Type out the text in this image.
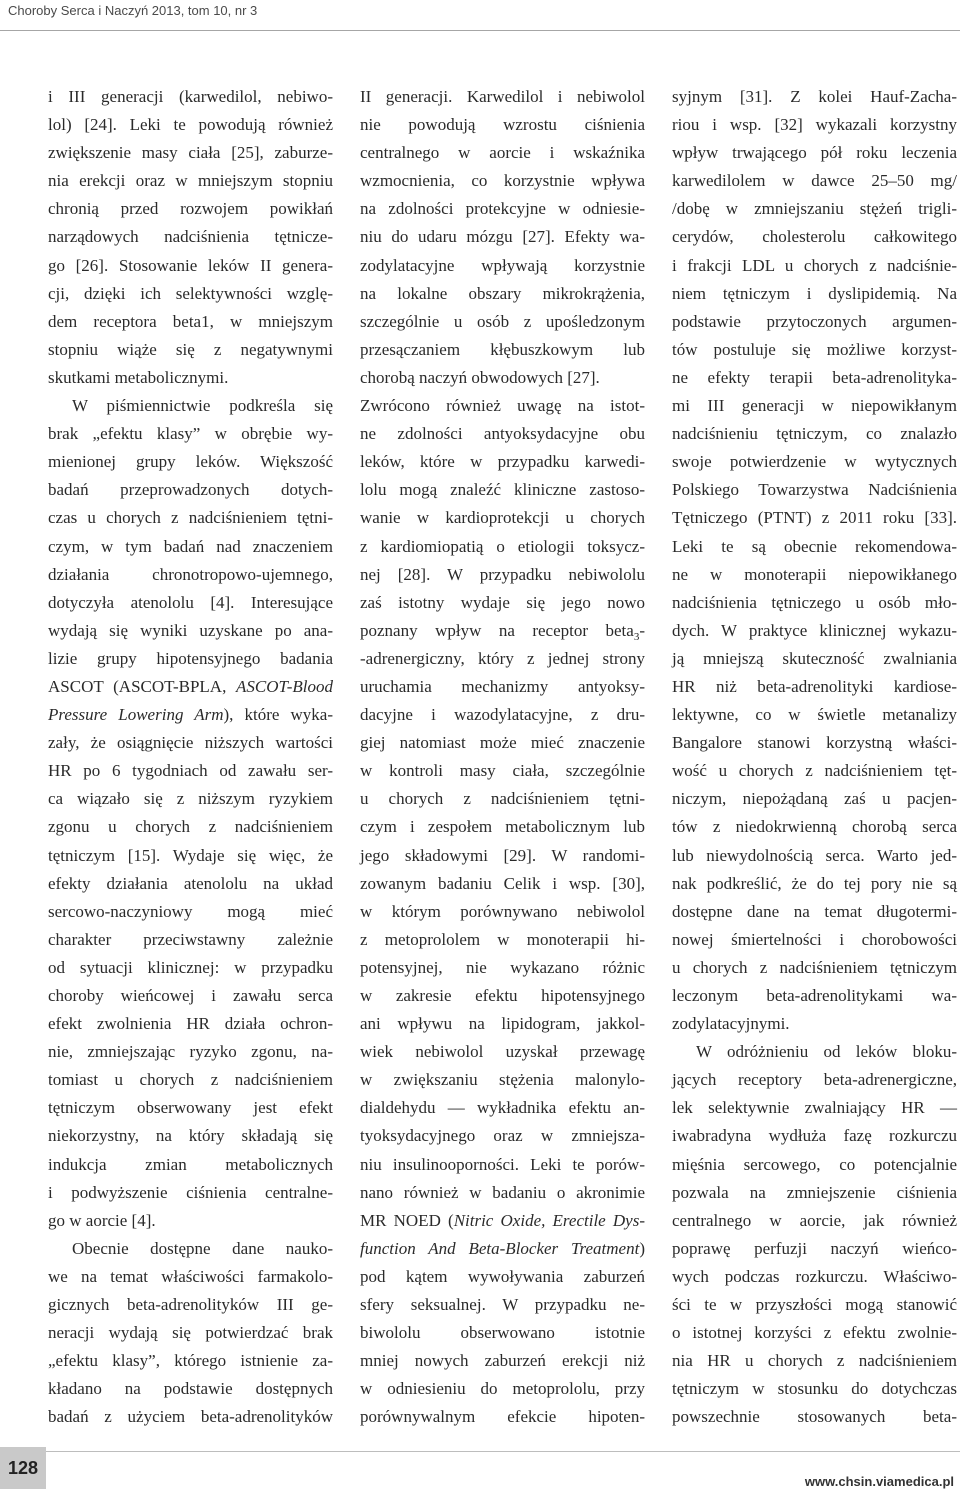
Choroby Serca i Naczyń 2013, tom 10, nr 3
i III generacji (karwedilol, nebiwo-
lol) [24]. Leki te powodują również
zwiększenie masy ciała [25], zaburze-
nia erekcji oraz w mniejszym stopniu
chronią przed rozwojem powikłań
narządowych nadciśnienia tętnicze-
go [26]. Stosowanie leków II genera-
cji, dzięki ich selektywności wzglę-
dem receptora beta1, w mniejszym
stopniu wiąże się z negatywnymi
skutkami metabolicznymi.
W piśmiennictwie podkreśla się
brak „efektu klasy” w obrębie wy-
mienionej grupy leków. Większość
badań przeprowadzonych dotych-
czas u chorych z nadciśnieniem tętni-
czym, w tym badań nad znaczeniem
działania chronotropowo-ujemnego,
dotyczyła atenololu [4]. Interesujące
wydają się wyniki uzyskane po ana-
lizie grupy hipotensyjnego badania
ASCOT (ASCOT-BPLA, ASCOT-Blood
Pressure Lowering Arm), które wyka-
zały, że osiągnięcie niższych wartości
HR po 6 tygodniach od zawału ser-
ca wiązało się z niższym ryzykiem
zgonu u chorych z nadciśnieniem
tętniczym [15]. Wydaje się więc, że
efekty działania atenololu na układ
sercowo-naczyniowy mogą mieć
charakter przeciwstawny zależnie
od sytuacji klinicznej: w przypadku
choroby wieńcowej i zawału serca
efekt zwolnienia HR działa ochron-
nie, zmniejszając ryzyko zgonu, na-
tomiast u chorych z nadciśnieniem
tętniczym obserwowany jest efekt
niekorzystny, na który składają się
indukcja zmian metabolicznych
i podwyższenie ciśnienia centralne-
go w aorcie [4].
Obecnie dostępne dane nauko-
we na temat właściwości farmakolo-
gicznych beta-adrenolityków III ge-
neracji wydają się potwierdzać brak
„efektu klasy”, którego istnienie za-
kładano na podstawie dostępnych
badań z użyciem beta-adrenolityków
II generacji. Karwedilol i nebiwolol
nie powodują wzrostu ciśnienia
centralnego w aorcie i wskaźnika
wzmocnienia, co korzystnie wpływa
na zdolności protekcyjne w odniesie-
niu do udaru mózgu [27]. Efekty wa-
zodylatacyjne wpływają korzystnie
na lokalne obszary mikrokrążenia,
szczególnie u osób z upośledzonym
przesączaniem kłębuszkowym lub
chorobą naczyń obwodowych [27].
Zwrócono również uwagę na istot-
ne zdolności antyoksydacyjne obu
leków, które w przypadku karwedi-
lolu mogą znaleźć kliniczne zastoso-
wanie w kardioprotekcji u chorych
z kardiomiopatią o etiologii toksycz-
nej [28]. W przypadku nebiwololu
zaś istotny wydaje się jego nowo
poznany wpływ na receptor beta$_3$-
-adrenergiczny, który z jednej strony
uruchamia mechanizmy antyoksy-
dacyjne i wazodylatacyjne, z dru-
giej natomiast może mieć znaczenie
w kontroli masy ciała, szczególnie
u chorych z nadciśnieniem tętni-
czym i zespołem metabolicznym lub
jego składowymi [29]. W randomi-
zowanym badaniu Celik i wsp. [30],
w którym porównywano nebiwolol
z metoprololem w monoterapii hi-
potensyjnej, nie wykazano różnic
w zakresie efektu hipotensyjnego
ani wpływu na lipidogram, jakkol-
wiek nebiwolol uzyskał przewagę
w zwiększaniu stężenia malonylo-
dialdehydu — wykładnika efektu an-
tyoksydacyjnego oraz w zmniejsza-
niu insulinooporności. Leki te porów-
nano również w badaniu o akronimie
MR NOED (Nitric Oxide, Erectile Dys-
function And Beta-Blocker Treatment)
pod kątem wywoływania zaburzeń
sfery seksualnej. W przypadku ne-
biwololu obserwowano istotnie
mniej nowych zaburzeń erekcji niż
w odniesieniu do metoprololu, przy
porównywalnym efekcie hipoten-
syjnym [31]. Z kolei Hauf-Zacha-
riou i wsp. [32] wykazali korzystny
wpływ trwającego pół roku leczenia
karwedilolem w dawce 25–50 mg/
/dobę w zmniejszaniu stężeń trigli-
cerydów, cholesterolu całkowitego
i frakcji LDL u chorych z nadciśnie-
niem tętniczym i dyslipidemią. Na
podstawie przytoczonych argumen-
tów postuluje się możliwe korzyst-
ne efekty terapii beta-adrenolityka-
mi III generacji w niepowikłanym
nadciśnieniu tętniczym, co znalazło
swoje potwierdzenie w wytycznych
Polskiego Towarzystwa Nadciśnienia
Tętniczego (PTNT) z 2011 roku [33].
Leki te są obecnie rekomendowa-
ne w monoterapii niepowikłanego
nadciśnienia tętniczego u osób mło-
dych. W praktyce klinicznej wykazu-
ją mniejszą skuteczność zwalniania
HR niż beta-adrenolityki kardiose-
lektywne, co w świetle metanalizy
Bangalore stanowi korzystną właści-
wość u chorych z nadciśnieniem tęt-
niczym, niepożądaną zaś u pacjen-
tów z niedokrwienną chorobą serca
lub niewydolnością serca. Warto jed-
nak podkreślić, że do tej pory nie są
dostępne dane na temat długotermi-
nowej śmiertelności i chorobowości
u chorych z nadciśnieniem tętniczym
leczonym beta-adrenolitykami wa-
zodylatacyjnymi.
W odróżnieniu od leków bloku-
jących receptory beta-adrenergiczne,
lek selektywnie zwalniający HR —
iwabradyna wydłuża fazę rozkurczu
mięśnia sercowego, co potencjalnie
pozwala na zmniejszenie ciśnienia
centralnego w aorcie, jak również
poprawę perfuzji naczyń wieńco-
wych podczas rozkurczu. Właściwo-
ści te w przyszłości mogą stanowić
o istotnej korzyści z efektu zwolnie-
nia HR u chorych z nadciśnieniem
tętniczym w stosunku do dotychczas
powszechnie stosowanych beta-
128
www.chsin.viamedica.pl
